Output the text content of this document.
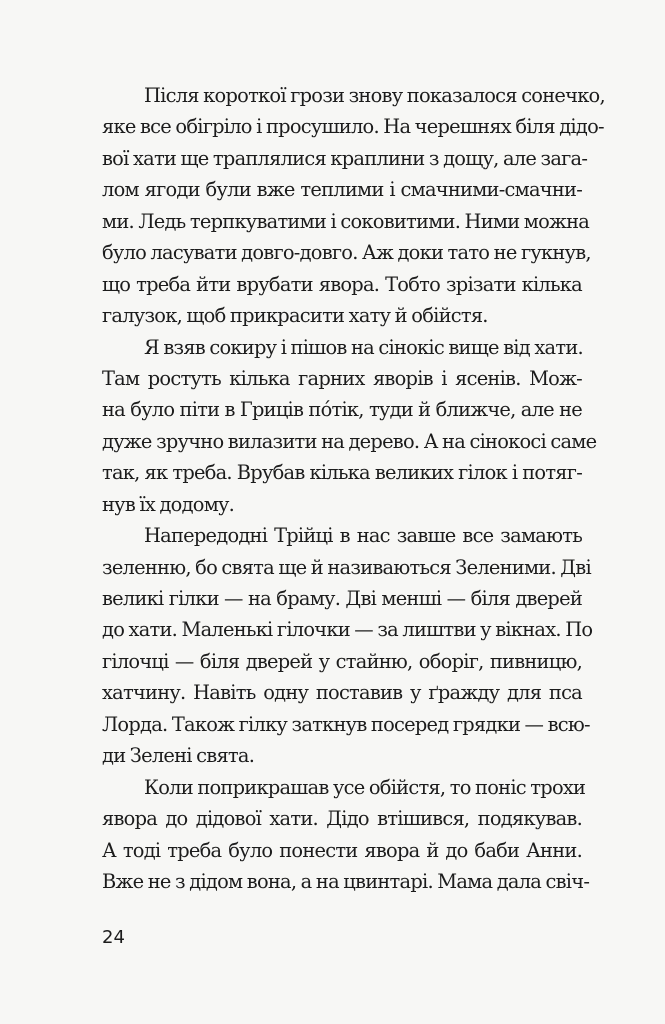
Після короткої грози знову показалося сонечко,
яке все обігріло і просушило. На черешнях біля дідо-
вої хати ще траплялися краплини з дощу, але зага-
лом ягоди були вже теплими і смачними-смачни-
ми. Ледь терпкуватими і соковитими. Ними можна
було ласувати довго-довго. Аж доки тато не гукнув,
що треба йти врубати явора. Тобто зрізати кілька
галузок, щоб прикрасити хату й обійстя.
Я взяв сокиру і пішов на сінокіс вище від хати.
Там ростуть кілька гарних яворів і ясенів. Мож-
на було піти в Гриців пóтік, туди й ближче, але не
дуже зручно вилазити на дерево. А на сінокосі саме
так, як треба. Врубав кілька великих гілок і потяг-
нув їх додому.
Напередодні Трійці в нас завше все замають
зеленню, бо свята ще й називаються Зеленими. Дві
великі гілки — на браму. Дві менші — біля дверей
до хати. Маленькі гілочки — за лиштви у вікнах. По
гілочці — біля дверей у стайню, оборіг, пивницю,
хатчину. Навіть одну поставив у ґражду для пса
Лорда. Також гілку заткнув посеред грядки — всю-
ди Зелені свята.
Коли поприкрашав усе обійстя, то поніс трохи
явора до дідової хати. Дідо втішився, подякував.
А тоді треба було понести явора й до баби Анни.
Вже не з дідом вона, а на цвинтарі. Мама дала свіч-
24
